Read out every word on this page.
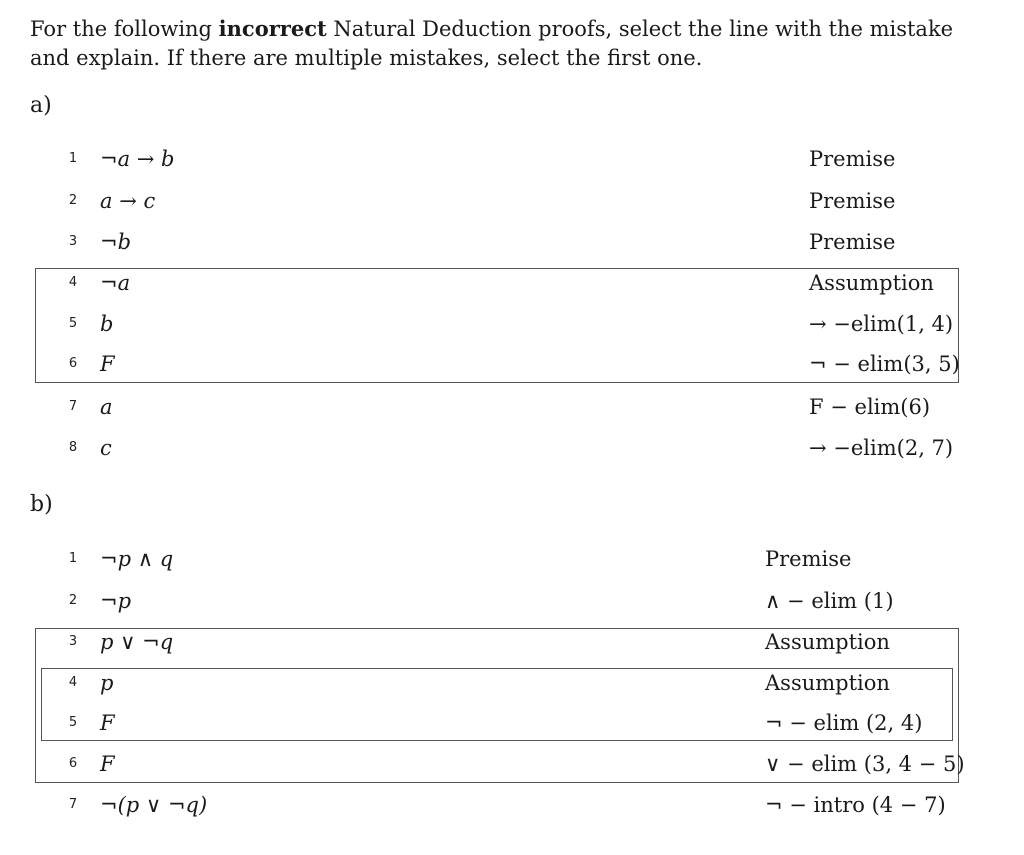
For the following incorrect Natural Deduction proofs, select the line with the mistake and explain. If there are multiple mistakes, select the first one.
a)
1 ¬a → b	Premise
2 a → c	Premise
3 ¬b	Premise
4 ¬a	Assumption
5 b	→ −elim(1, 4)
6 F	¬ − elim(3, 5)
7 a	F − elim(6)
8 c	→ −elim(2, 7)
b)
1 ¬p ∧ q	Premise
2 ¬p	∧ − elim (1)
3 p ∨ ¬q	Assumption
4 p	Assumption
5 F	¬ − elim (2, 4)
6 F	∨ − elim (3, 4 − 5)
7 ¬(p ∨ ¬q)	¬ − intro (4 − 7)
